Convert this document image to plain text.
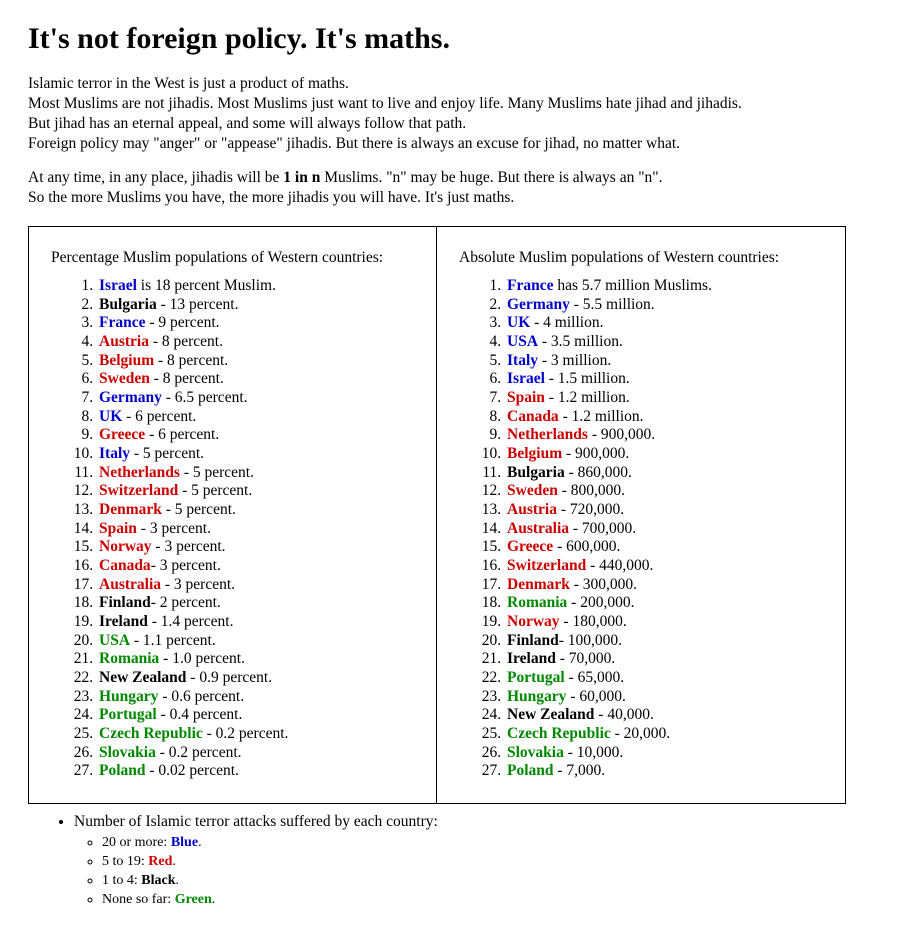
It's not foreign policy. It's maths.
Islamic terror in the West is just a product of maths.
Most Muslims are not jihadis. Most Muslims just want to live and enjoy life. Many Muslims hate jihad and jihadis.
But jihad has an eternal appeal, and some will always follow that path.
Foreign policy may "anger" or "appease" jihadis. But there is always an excuse for jihad, no matter what.
At any time, in any place, jihadis will be 1 in n Muslims. "n" may be huge. But there is always an "n".
So the more Muslims you have, the more jihadis you will have. It's just maths.
Percentage Muslim populations of Western countries:
1. Israel is 18 percent Muslim.
2. Bulgaria - 13 percent.
3. France - 9 percent.
4. Austria - 8 percent.
5. Belgium - 8 percent.
6. Sweden - 8 percent.
7. Germany - 6.5 percent.
8. UK - 6 percent.
9. Greece - 6 percent.
10. Italy - 5 percent.
11. Netherlands - 5 percent.
12. Switzerland - 5 percent.
13. Denmark - 5 percent.
14. Spain - 3 percent.
15. Norway - 3 percent.
16. Canada- 3 percent.
17. Australia - 3 percent.
18. Finland- 2 percent.
19. Ireland - 1.4 percent.
20. USA - 1.1 percent.
21. Romania - 1.0 percent.
22. New Zealand - 0.9 percent.
23. Hungary - 0.6 percent.
24. Portugal - 0.4 percent.
25. Czech Republic - 0.2 percent.
26. Slovakia - 0.2 percent.
27. Poland - 0.02 percent.
Absolute Muslim populations of Western countries:
1. France has 5.7 million Muslims.
2. Germany - 5.5 million.
3. UK - 4 million.
4. USA - 3.5 million.
5. Italy - 3 million.
6. Israel - 1.5 million.
7. Spain - 1.2 million.
8. Canada - 1.2 million.
9. Netherlands - 900,000.
10. Belgium - 900,000.
11. Bulgaria - 860,000.
12. Sweden - 800,000.
13. Austria - 720,000.
14. Australia - 700,000.
15. Greece - 600,000.
16. Switzerland - 440,000.
17. Denmark - 300,000.
18. Romania - 200,000.
19. Norway - 180,000.
20. Finland- 100,000.
21. Ireland - 70,000.
22. Portugal - 65,000.
23. Hungary - 60,000.
24. New Zealand - 40,000.
25. Czech Republic - 20,000.
26. Slovakia - 10,000.
27. Poland - 7,000.
• Number of Islamic terror attacks suffered by each country:
◦ 20 or more: Blue.
◦ 5 to 19: Red.
◦ 1 to 4: Black.
◦ None so far: Green.
